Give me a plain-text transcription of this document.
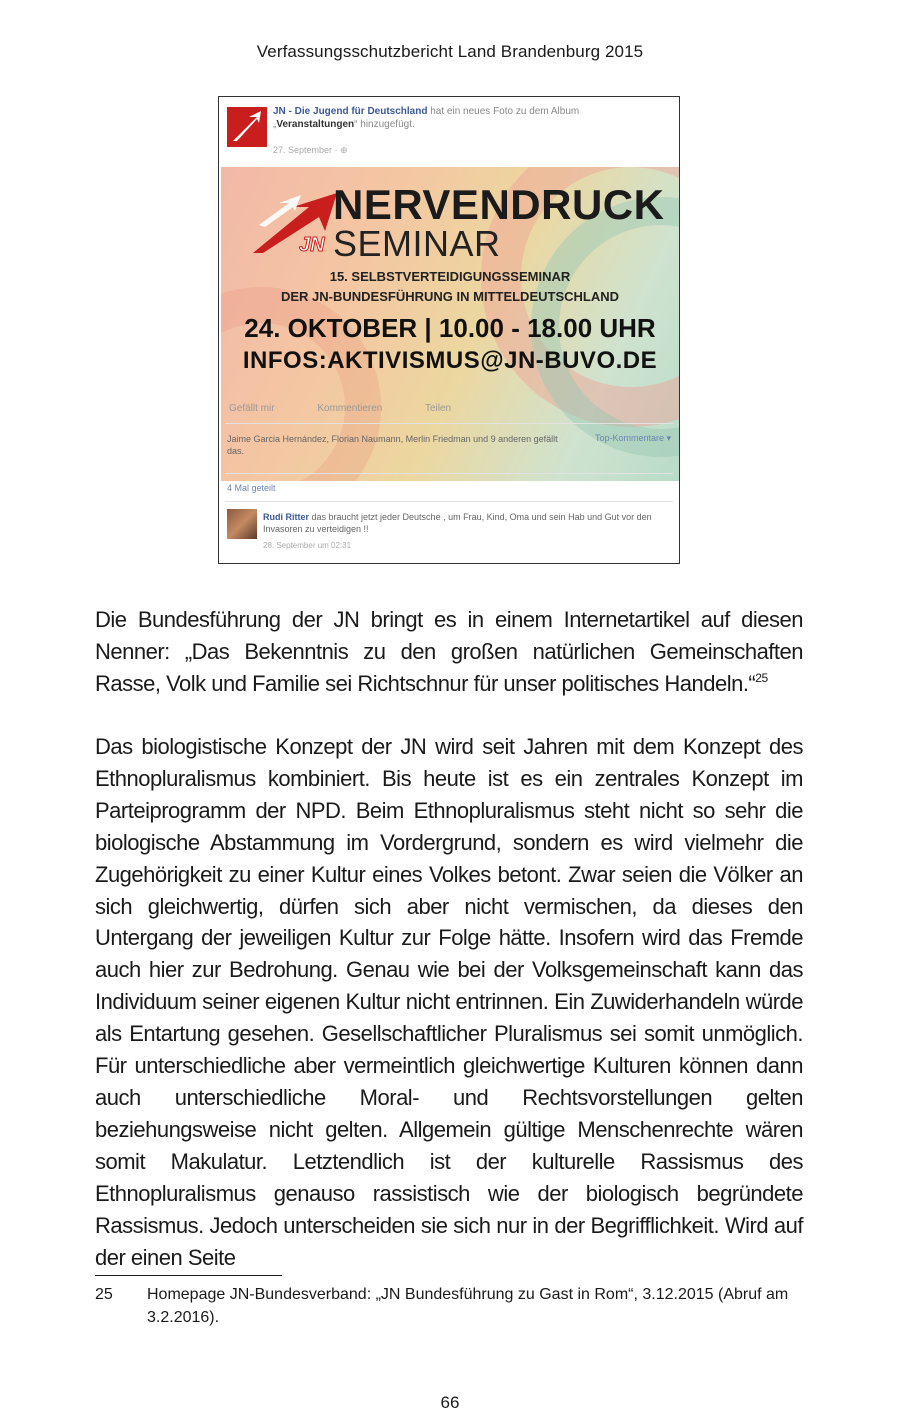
Verfassungsschutzbericht Land Brandenburg 2015
JN - Die Jugend für Deutschland hat ein neues Foto zu dem Album „Veranstaltungen“ hinzugefügt.
27. September · ⊕
JN
NERVENDRUCK
SEMINAR
15. SELBSTVERTEIDIGUNGSSEMINAR
DER JN-BUNDESFÜHRUNG IN MITTELDEUTSCHLAND
24. OKTOBER | 10.00 - 18.00 UHR
INFOS:AKTIVISMUS@JN-BUVO.DE
Gefällt mir	Kommentieren	Teilen
Jaime Garcia Hernández, Florian Naumann, Merlin Friedman und 9 anderen gefällt das.
Top-Kommentare ▾
4 Mal geteilt
Rudi Ritter das braucht jetzt jeder Deutsche , um Frau, Kind, Oma und sein Hab und Gut vor den Invasoren zu verteidigen !!
28. September um 02:31
Die Bundesführung der JN bringt es in einem Internetartikel auf diesen Nenner: „Das Bekenntnis zu den großen natürlichen Gemeinschaften Rasse, Volk und Familie sei Richtschnur für unser politisches Handeln.“$^{25}$
Das biologistische Konzept der JN wird seit Jahren mit dem Konzept des Ethnopluralismus kombiniert. Bis heute ist es ein zentrales Konzept im Parteiprogramm der NPD. Beim Ethnopluralismus steht nicht so sehr die biologische Abstammung im Vordergrund, sondern es wird vielmehr die Zugehörigkeit zu einer Kultur eines Volkes betont. Zwar seien die Völker an sich gleichwertig, dürfen sich aber nicht vermischen, da dieses den Untergang der jeweiligen Kultur zur Folge hätte. Insofern wird das Fremde auch hier zur Bedrohung. Genau wie bei der Volksgemeinschaft kann das Individuum seiner eigenen Kultur nicht entrinnen. Ein Zuwiderhandeln würde als Entartung gesehen. Gesellschaftlicher Pluralismus sei somit unmöglich. Für unterschiedliche aber vermeintlich gleichwertige Kulturen können dann auch unterschiedliche Moral- und Rechtsvorstellungen gelten beziehungsweise nicht gelten. Allgemein gültige Menschenrechte wären somit Makulatur. Letztendlich ist der kulturelle Rassismus des Ethnopluralismus genauso rassistisch wie der biologisch begründete Rassismus. Jedoch unterscheiden sie sich nur in der Begrifflichkeit. Wird auf der einen Seite
25 Homepage JN-Bundesverband: „JN Bundesführung zu Gast in Rom“, 3.12.2015 (Abruf am 3.2.2016).
66
